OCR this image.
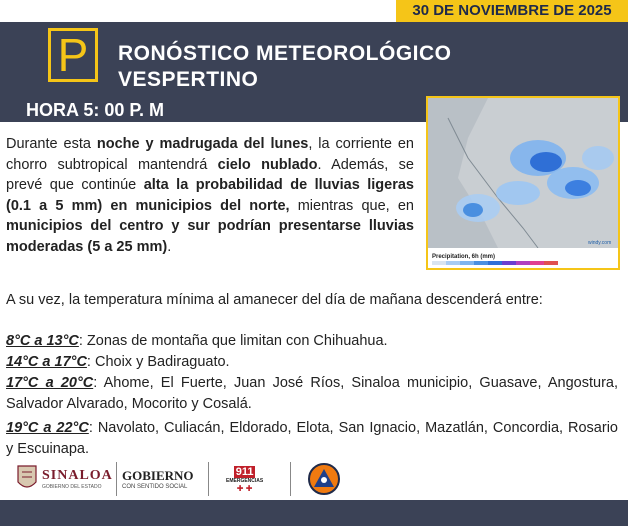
30 DE NOVIEMBRE DE 2025
P	RONÓSTICO METEOROLÓGICO
VESPERTINO
HORA 5: 00 P. M
Precipitation, 6h (mm)
windy.com
Durante esta noche y madrugada del lunes, la corriente en chorro subtropical mantendrá cielo nublado. Además, se prevé que continúe alta la probabilidad de lluvias ligeras (0.1 a 5 mm) en municipios del norte, mientras que, en municipios del centro y sur podrían presentarse lluvias moderadas (5 a 25 mm).
A su vez, la temperatura mínima al amanecer del día de mañana descenderá entre:
8°C a 13°C: Zonas de montaña que limitan con Chihuahua.
14°C a 17°C: Choix y Badiraguato.
17°C a 20°C: Ahome, El Fuerte, Juan José Ríos, Sinaloa municipio, Guasave, Angostura, Salvador Alvarado, Mocorito y Cosalá.
19°C a 22°C: Navolato, Culiacán, Eldorado, Elota, San Ignacio, Mazatlán, Concordia, Rosario y Escuinapa.
SINALOA
GOBIERNO DEL ESTADO
GOBIERNO
CON SENTIDO SOCIAL
911
EMERGENCIAS
✚ ✚
